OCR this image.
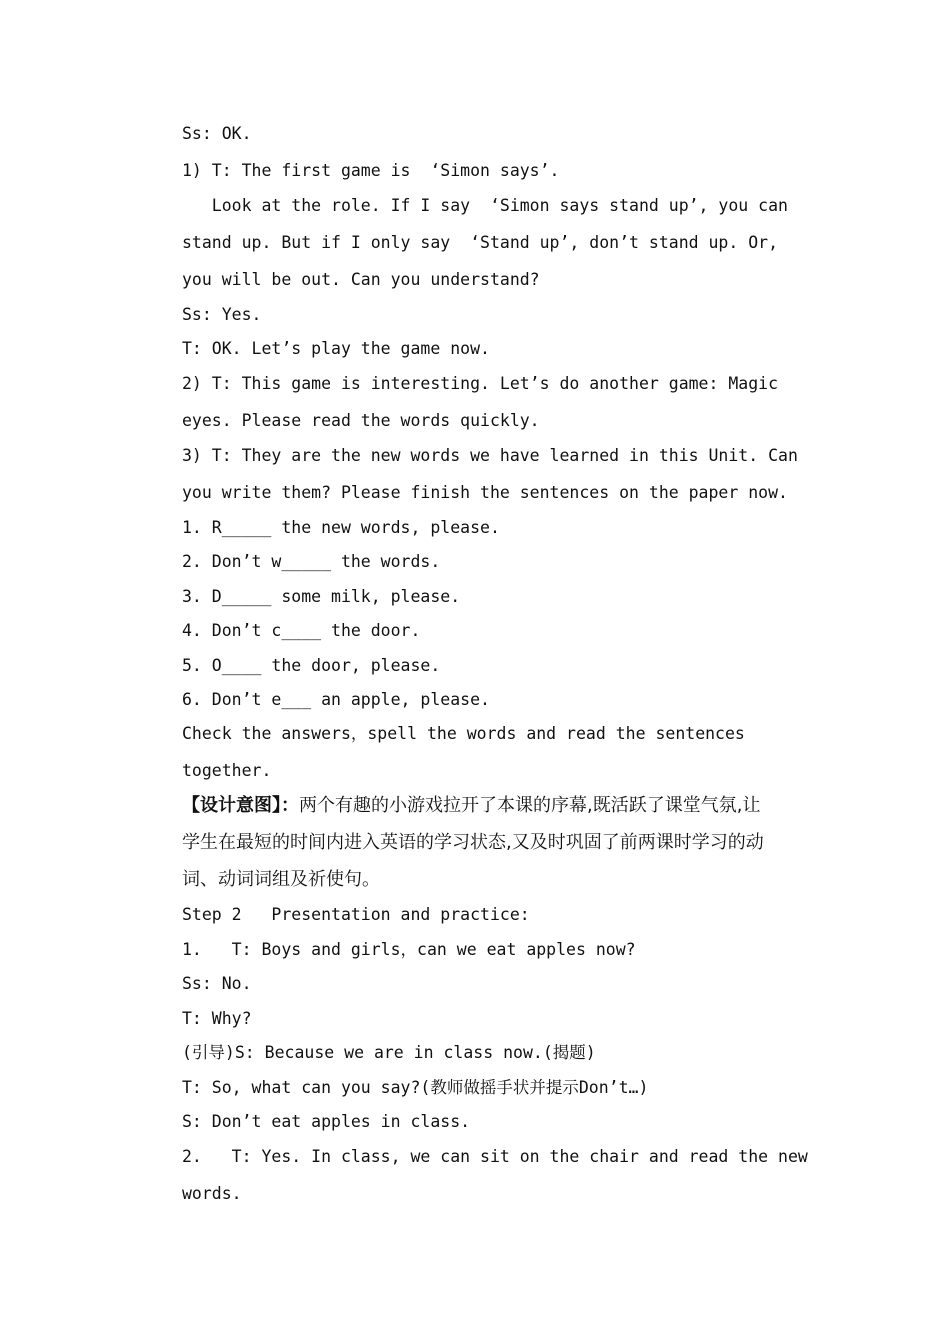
Ss: OK.
1) T: The first game is  ‘Simon says’.
Look at the role. If I say  ‘Simon says stand up’, you can
stand up. But if I only say  ‘Stand up’, don’t stand up. Or,
you will be out. Can you understand?
Ss: Yes.
T: OK. Let’s play the game now.
2) T: This game is interesting. Let’s do another game: Magic
eyes. Please read the words quickly.
3) T: They are the new words we have learned in this Unit. Can
you write them? Please finish the sentences on the paper now.
1. R_____ the new words, please.
2. Don’t w_____ the words.
3. D_____ some milk, please.
4. Don’t c____ the door.
5. O____ the door, please.
6. Don’t e___ an apple, please.
Check the answers，spell the words and read the sentences
together.
【设计意图】：两个有趣的小游戏拉开了本课的序幕,既活跃了课堂气氛,让
学生在最短的时间内进入英语的学习状态,又及时巩固了前两课时学习的动
词、动词词组及祈使句。
Step 2   Presentation and practice:
1.   T: Boys and girls，can we eat apples now?
Ss: No.
T: Why?
(引导)S: Because we are in class now.(揭题)
T: So, what can you say?(教师做摇手状并提示Don’t…)
S: Don’t eat apples in class.
2.   T: Yes. In class, we can sit on the chair and read the new
words.
